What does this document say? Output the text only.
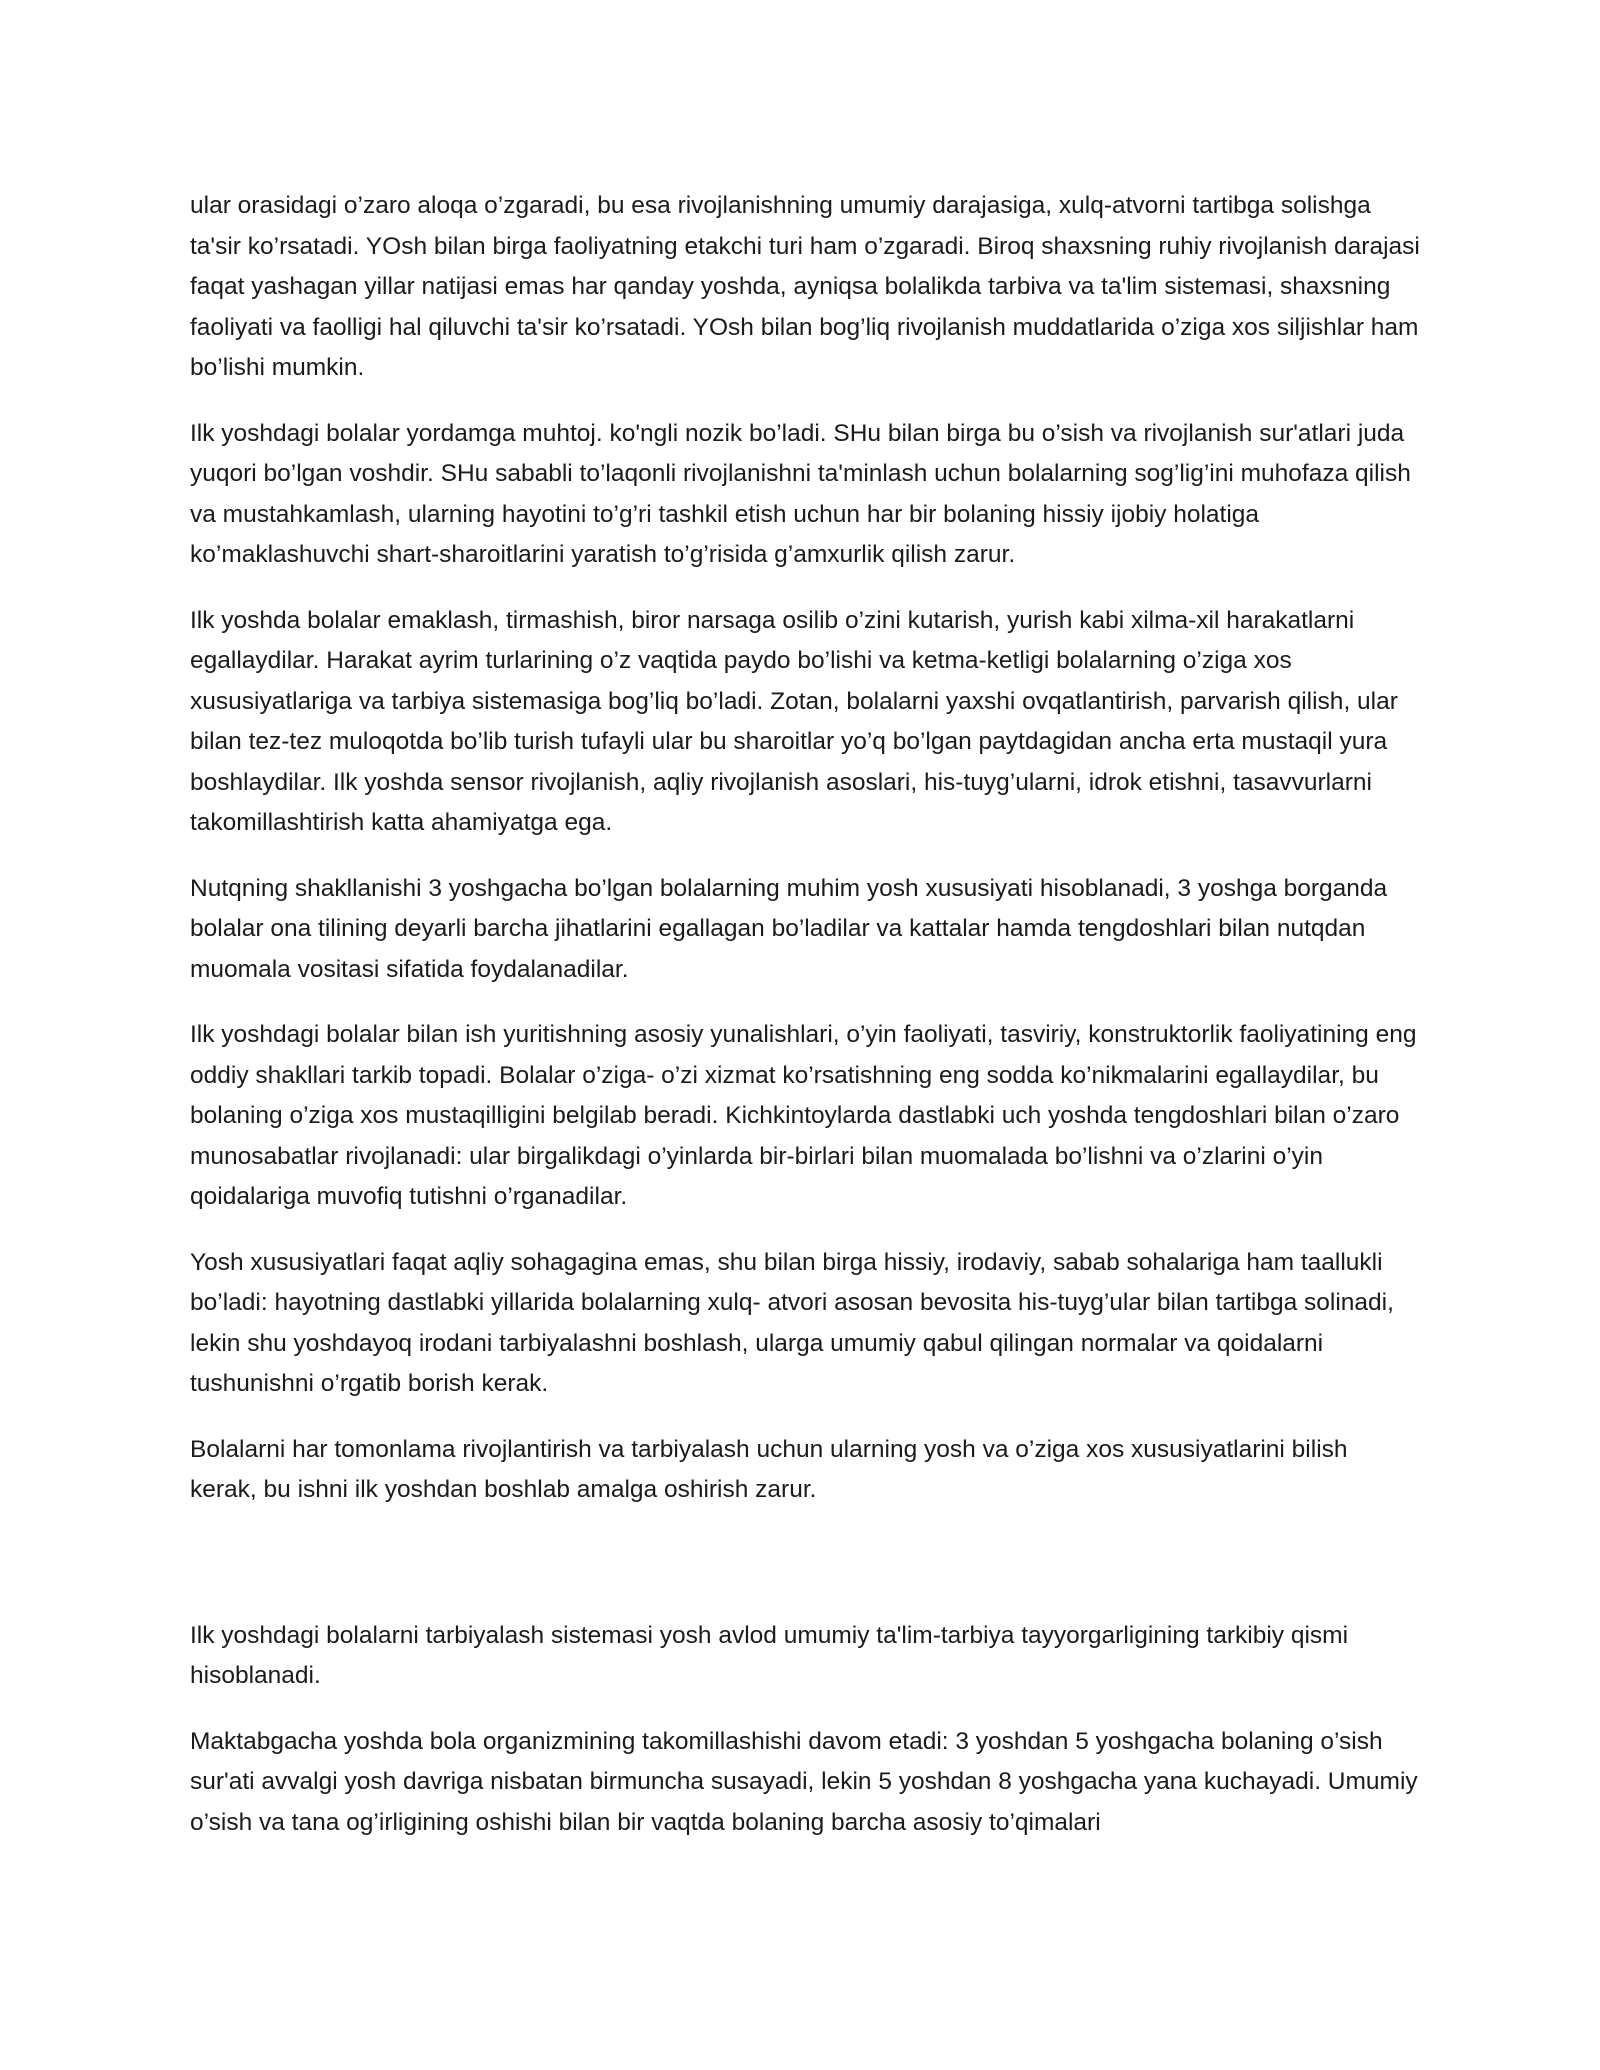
ular orasidagi o’zaro aloqa o’zgaradi, bu esa rivojlanishning umumiy darajasiga, xulq-atvorni tartibga solishga ta'sir ko’rsatadi. YOsh bilan birga faoliyatning etakchi turi ham o’zgaradi. Biroq shaxsning ruhiy rivojlanish darajasi faqat yashagan yillar natijasi emas har qanday yoshda, ayniqsa bolalikda tarbiva va ta'lim sistemasi, shaxsning faoliyati va faolligi hal qiluvchi ta'sir ko’rsatadi. YOsh bilan bog’liq rivojlanish muddatlarida o’ziga xos siljishlar ham bo’lishi mumkin.

Ilk yoshdagi bolalar yordamga muhtoj. ko'ngli nozik bo’ladi. SHu bilan birga bu o’sish va rivojlanish sur'atlari juda yuqori bo’lgan voshdir. SHu sababli to’laqonli rivojlanishni ta'minlash uchun bolalarning sog’lig’ini muhofaza qilish va mustahkamlash, ularning hayotini to’g’ri tashkil etish uchun har bir bolaning hissiy ijobiy holatiga ko’maklashuvchi shart-sharoitlarini yaratish to’g’risida g’amxurlik qilish zarur.

Ilk yoshda bolalar emaklash, tirmashish, biror narsaga osilib o’zini kutarish, yurish kabi xilma-xil harakatlarni egallaydilar. Harakat ayrim turlarining o’z vaqtida paydo bo’lishi va ketma-ketligi bolalarning o’ziga xos xususiyatlariga va tarbiya sistemasiga bog’liq bo’ladi. Zotan, bolalarni yaxshi ovqatlantirish, parvarish qilish, ular bilan tez-tez muloqotda bo’lib turish tufayli ular bu sharoitlar yo’q bo’lgan paytdagidan ancha erta mustaqil yura boshlaydilar. Ilk yoshda sensor rivojlanish, aqliy rivojlanish asoslari, his-tuyg’ularni, idrok etishni, tasavvurlarni takomillashtirish katta ahamiyatga ega.

Nutqning shakllanishi 3 yoshgacha bo’lgan bolalarning muhim yosh xususiyati hisoblanadi, 3 yoshga borganda bolalar ona tilining deyarli barcha jihatlarini egallagan bo’ladilar va kattalar hamda tengdoshlari bilan nutqdan muomala vositasi sifatida foydalanadilar.

Ilk yoshdagi bolalar bilan ish yuritishning asosiy yunalishlari, o’yin faoliyati, tasviriy, konstruktorlik faoliyatining eng oddiy shakllari tarkib topadi. Bolalar o’ziga- o’zi xizmat ko’rsatishning eng sodda ko’nikmalarini egallaydilar, bu bolaning o’ziga xos mustaqilligini belgilab beradi. Kichkintoylarda dastlabki uch yoshda tengdoshlari bilan o’zaro munosabatlar rivojlanadi: ular birgalikdagi o’yinlarda bir-birlari bilan muomalada bo’lishni va o’zlarini o’yin qoidalariga muvofiq tutishni o’rganadilar.

Yosh xususiyatlari faqat aqliy sohagagina emas, shu bilan birga hissiy, irodaviy, sabab sohalariga ham taallukli bo’ladi: hayotning dastlabki yillarida bolalarning xulq- atvori asosan bevosita his-tuyg’ular bilan tartibga solinadi, lekin shu yoshdayoq irodani tarbiyalashni boshlash, ularga umumiy qabul qilingan normalar va qoidalarni tushunishni o’rgatib borish kerak.

Bolalarni har tomonlama rivojlantirish va tarbiyalash uchun ularning yosh va o’ziga xos xususiyatlarini bilish kerak, bu ishni ilk yoshdan boshlab amalga oshirish zarur.

Ilk yoshdagi bolalarni tarbiyalash sistemasi yosh avlod umumiy ta'lim-tarbiya tayyorgarligining tarkibiy qismi hisoblanadi.

Maktabgacha yoshda bola organizmining takomillashishi davom etadi: 3 yoshdan 5 yoshgacha bolaning o’sish sur'ati avvalgi yosh davriga nisbatan birmuncha susayadi, lekin 5 yoshdan 8 yoshgacha yana kuchayadi. Umumiy o’sish va tana og’irligining oshishi bilan bir vaqtda bolaning barcha asosiy to’qimalari
